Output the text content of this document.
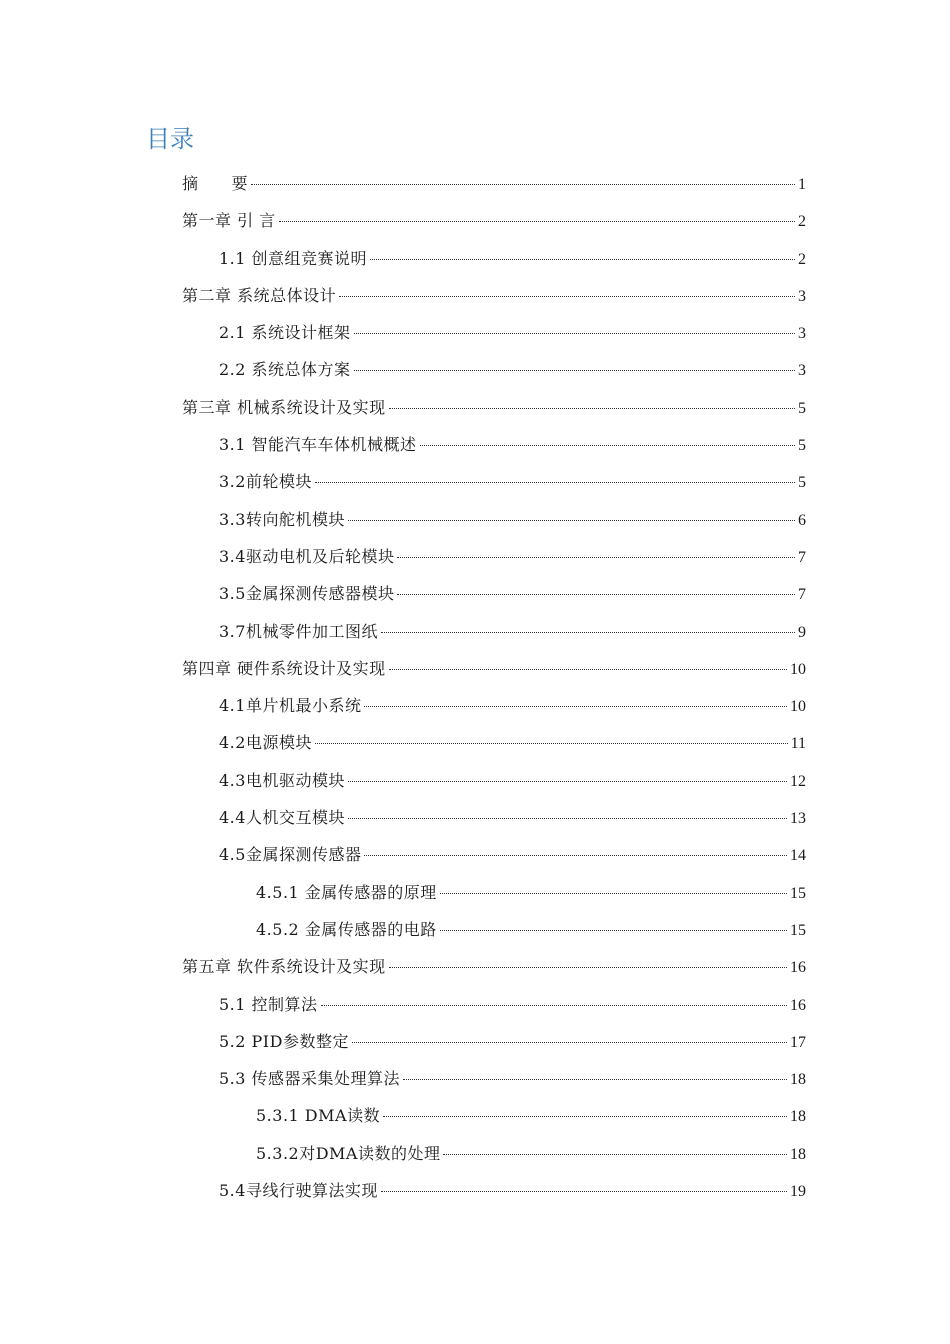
目录
摘　　要	1
第一章 引 言	2
1.1 创意组竞赛说明	2
第二章 系统总体设计	3
2.1 系统设计框架	3
2.2 系统总体方案	3
第三章 机械系统设计及实现	5
3.1 智能汽车车体机械概述	5
3.2前轮模块	5
3.3转向舵机模块	6
3.4驱动电机及后轮模块	7
3.5金属探测传感器模块	7
3.7机械零件加工图纸	9
第四章 硬件系统设计及实现	10
4.1单片机最小系统	10
4.2电源模块	11
4.3电机驱动模块	12
4.4人机交互模块	13
4.5金属探测传感器	14
4.5.1 金属传感器的原理	15
4.5.2 金属传感器的电路	15
第五章 软件系统设计及实现	16
5.1 控制算法	16
5.2 PID参数整定	17
5.3 传感器采集处理算法	18
5.3.1 DMA读数	18
5.3.2对DMA读数的处理	18
5.4寻线行驶算法实现	19
